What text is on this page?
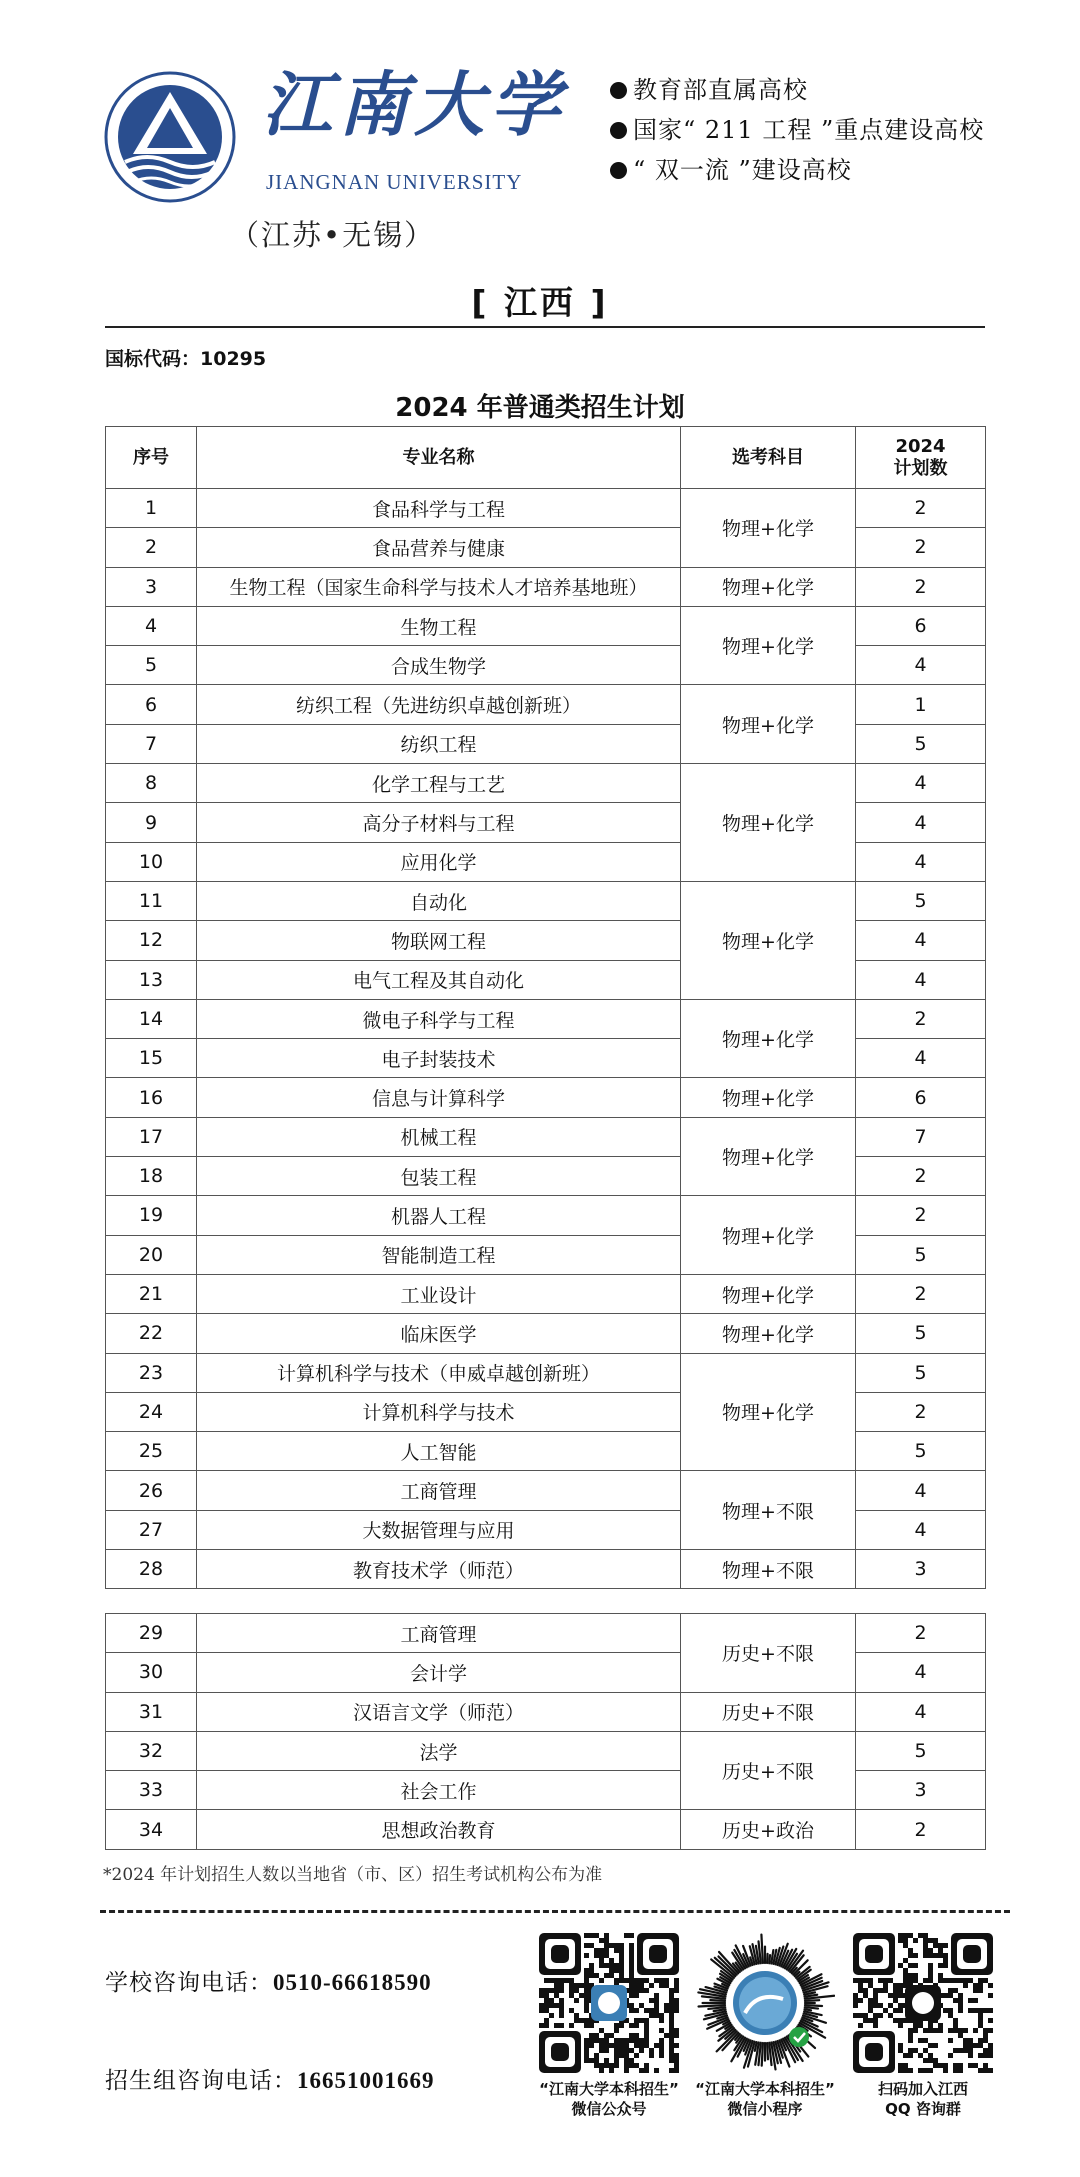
江南大学
JIANGNAN UNIVERSITY
（江苏•无锡）
教育部直属高校
国家“ 211 工程 ”重点建设高校
“ 双一流 ”建设高校
[ 江西 ]
国标代码：10295
2024 年普通类招生计划
序号	专业名称	选考科目	2024
计划数
1	食品科学与工程	物理+化学	2
2	食品营养与健康		2
3	生物工程（国家生命科学与技术人才培养基地班）	物理+化学	2
4	生物工程	物理+化学	6
5	合成生物学		4
6	纺织工程（先进纺织卓越创新班）	物理+化学	1
7	纺织工程		5
8	化学工程与工艺	物理+化学	4
9	高分子材料与工程		4
10	应用化学		4
11	自动化	物理+化学	5
12	物联网工程		4
13	电气工程及其自动化		4
14	微电子科学与工程	物理+化学	2
15	电子封装技术		4
16	信息与计算科学	物理+化学	6
17	机械工程	物理+化学	7
18	包装工程		2
19	机器人工程	物理+化学	2
20	智能制造工程		5
21	工业设计	物理+化学	2
22	临床医学	物理+化学	5
23	计算机科学与技术（申威卓越创新班）	物理+化学	5
24	计算机科学与技术		2
25	人工智能		5
26	工商管理	物理+不限	4
27	大数据管理与应用		4
28	教育技术学（师范）	物理+不限	3
29	工商管理	历史+不限	2
30	会计学		4
31	汉语言文学（师范）	历史+不限	4
32	法学	历史+不限	5
33	社会工作		3
34	思想政治教育	历史+政治	2
*2024 年计划招生人数以当地省（市、区）招生考试机构公布为准
学校咨询电话：0510-66618590
招生组咨询电话：16651001669	“江南大学本科招生”
微信公众号
“江南大学本科招生”
微信小程序
扫码加入江西
QQ 咨询群
